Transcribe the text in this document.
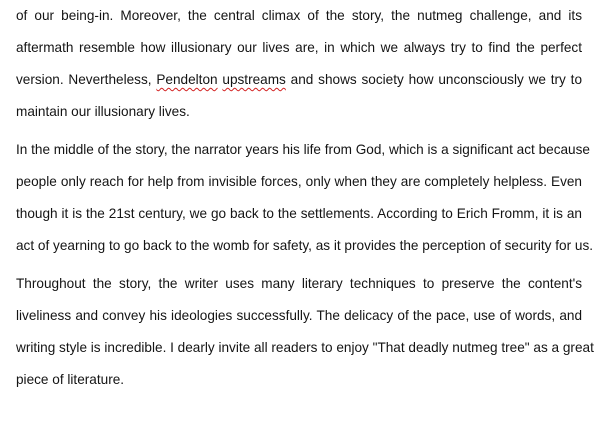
of our being-in. Moreover, the central climax of the story, the nutmeg challenge, and its
aftermath resemble how illusionary our lives are, in which we always try to find the perfect
version. Nevertheless, Pendelton upstreams and shows society how unconsciously we try to
maintain our illusionary lives.
In the middle of the story, the narrator years his life from God, which is a significant act because
people only reach for help from invisible forces, only when they are completely helpless. Even
though it is the 21st century, we go back to the settlements. According to Erich Fromm, it is an
act of yearning to go back to the womb for safety, as it provides the perception of security for us.
Throughout the story, the writer uses many literary techniques to preserve the content's
liveliness and convey his ideologies successfully. The delicacy of the pace, use of words, and
writing style is incredible. I dearly invite all readers to enjoy "That deadly nutmeg tree" as a great
piece of literature.
